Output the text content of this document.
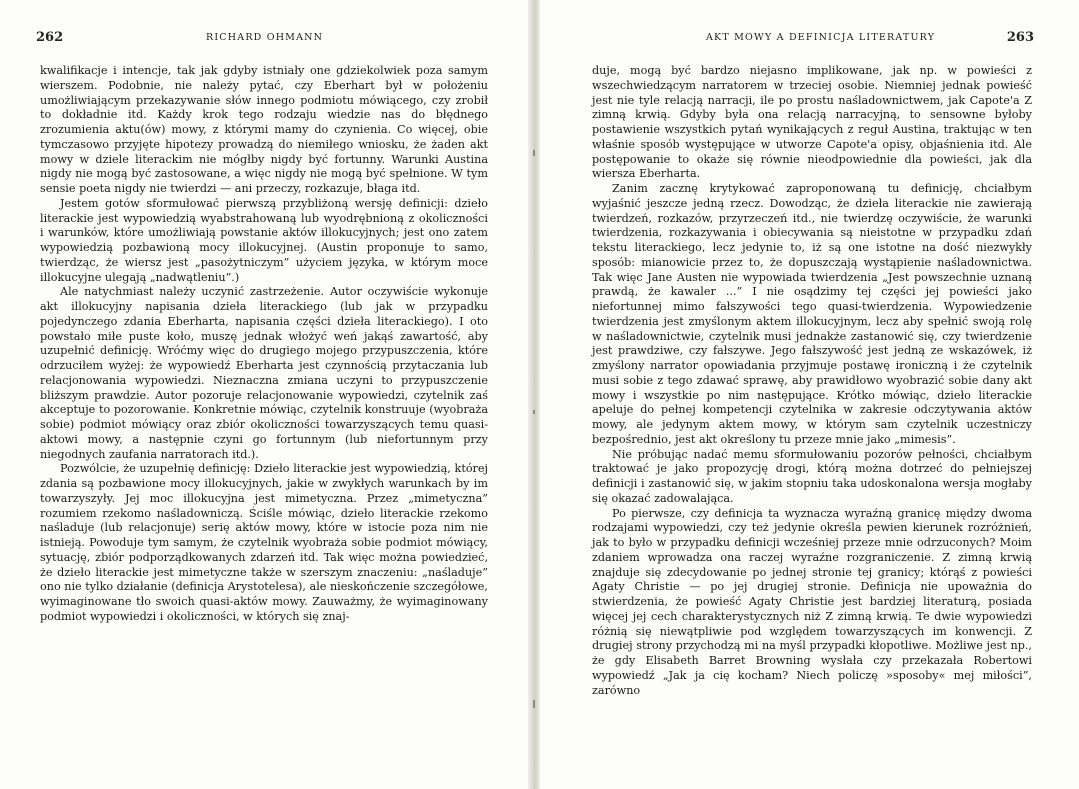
262	RICHARD OHMANN

kwalifikacje i intencje, tak jak gdyby istniały one gdziekolwiek poza samym wierszem. Podobnie, nie należy pytać, czy Eberhart był w położeniu umożliwiającym przekazywanie słów innego podmiotu mówiącego, czy zrobił to dokładnie itd. Każdy krok tego rodzaju wiedzie nas do błędnego zrozumienia aktu(ów) mowy, z którymi mamy do czynienia. Co więcej, obie tymczasowo przyjęte hipotezy prowadzą do niemiłego wniosku, że żaden akt mowy w dziele literackim nie mógłby nigdy być fortunny. Warunki Austina nigdy nie mogą być zastosowane, a więc nigdy nie mogą być spełnione. W tym sensie poeta nigdy nie twierdzi — ani przeczy, rozkazuje, błaga itd.

Jestem gotów sformułować pierwszą przybliżoną wersję definicji: dzieło literackie jest wypowiedzią wyabstrahowaną lub wyodrębnioną z okoliczności i warunków, które umożliwiają powstanie aktów illokucyjnych; jest ono zatem wypowiedzią pozbawioną mocy illokucyjnej. (Austin proponuje to samo, twierdząc, że wiersz jest „pasożytniczym” użyciem języka, w którym moce illokucyjne ulegają „nadwątleniu”.)

Ale natychmiast należy uczynić zastrzeżenie. Autor oczywiście wykonuje akt illokucyjny napisania dzieła literackiego (lub jak w przypadku pojedynczego zdania Eberharta, napisania części dzieła literackiego). I oto powstało miłe puste koło, muszę jednak włożyć weń jakąś zawartość, aby uzupełnić definicję. Wróćmy więc do drugiego mojego przypuszczenia, które odrzuciłem wyżej: że wypowiedź Eberharta jest czynnością przytaczania lub relacjonowania wypowiedzi. Nieznaczna zmiana uczyni to przypuszczenie bliższym prawdzie. Autor pozoruje relacjonowanie wypowiedzi, czytelnik zaś akceptuje to pozorowanie. Konkretnie mówiąc, czytelnik konstruuje (wyobraża sobie) podmiot mówiący oraz zbiór okoliczności towarzyszących temu quasi-aktowi mowy, a następnie czyni go fortunnym (lub niefortunnym przy niegodnych zaufania narratorach itd.).

Pozwólcie, że uzupełnię definicję: Dzieło literackie jest wypowiedzią, której zdania są pozbawione mocy illokucyjnych, jakie w zwykłych warunkach by im towarzyszyły. Jej moc illokucyjna jest mimetyczna. Przez „mimetyczna” rozumiem rzekomo naśladowniczą. Ściśle mówiąc, dzieło literackie rzekomo naśladuje (lub relacjonuje) serię aktów mowy, które w istocie poza nim nie istnieją. Powoduje tym samym, że czytelnik wyobraża sobie podmiot mówiący, sytuację, zbiór podporządkowanych zdarzeń itd. Tak więc można powiedzieć, że dzieło literackie jest mimetyczne także w szerszym znaczeniu: „naśladuje” ono nie tylko działanie (definicja Arystotelesa), ale nieskończenie szczegółowe, wyimaginowane tło swoich quasi-aktów mowy. Zauważmy, że wyimaginowany podmiot wypowiedzi i okoliczności, w których się znaj-

AKT MOWY A DEFINICJA LITERATURY	263

duje, mogą być bardzo niejasno implikowane, jak np. w powieści z wszechwiedzącym narratorem w trzeciej osobie. Niemniej jednak powieść jest nie tyle relacją narracji, ile po prostu naśladownictwem, jak Capote'a Z zimną krwią. Gdyby była ona relacją narracyjną, to sensowne byłoby postawienie wszystkich pytań wynikających z reguł Austina, traktując w ten właśnie sposób występujące w utworze Capote'a opisy, objaśnienia itd. Ale postępowanie to okaże się równie nieodpowiednie dla powieści, jak dla wiersza Eberharta.

Zanim zacznę krytykować zaproponowaną tu definicję, chciałbym wyjaśnić jeszcze jedną rzecz. Dowodząc, że dzieła literackie nie zawierają twierdzeń, rozkazów, przyrzeczeń itd., nie twierdzę oczywiście, że warunki twierdzenia, rozkazywania i obiecywania są nieistotne w przypadku zdań tekstu literackiego, lecz jedynie to, iż są one istotne na dość niezwykły sposób: mianowicie przez to, że dopuszczają wystąpienie naśladownictwa. Tak więc Jane Austen nie wypowiada twierdzenia „Jest powszechnie uznaną prawdą, że kawaler ...” I nie osądzimy tej części jej powieści jako niefortunnej mimo fałszywości tego quasi-twierdzenia. Wypowiedzenie twierdzenia jest zmyślonym aktem illokucyjnym, lecz aby spełnić swoją rolę w naśladownictwie, czytelnik musi jednakże zastanowić się, czy twierdzenie jest prawdziwe, czy fałszywe. Jego fałszywość jest jedną ze wskazówek, iż zmyślony narrator opowiadania przyjmuje postawę ironiczną i że czytelnik musi sobie z tego zdawać sprawę, aby prawidłowo wyobrazić sobie dany akt mowy i wszystkie po nim następujące. Krótko mówiąc, dzieło literackie apeluje do pełnej kompetencji czytelnika w zakresie odczytywania aktów mowy, ale jedynym aktem mowy, w którym sam czytelnik uczestniczy bezpośrednio, jest akt określony tu przeze mnie jako „mimesis”.

Nie próbując nadać memu sformułowaniu pozorów pełności, chciałbym traktować je jako propozycję drogi, którą można dotrzeć do pełniejszej definicji i zastanowić się, w jakim stopniu taka udoskonalona wersja mogłaby się okazać zadowalająca.

Po pierwsze, czy definicja ta wyznacza wyraźną granicę między dwoma rodzajami wypowiedzi, czy też jedynie określa pewien kierunek rozróżnień, jak to było w przypadku definicji wcześniej przeze mnie odrzuconych? Moim zdaniem wprowadza ona raczej wyraźne rozgraniczenie. Z zimną krwią znajduje się zdecydowanie po jednej stronie tej granicy; którąś z powieści Agaty Christie — po jej drugiej stronie. Definicja nie upoważnia do stwierdzenia, że powieść Agaty Christie jest bardziej literaturą, posiada więcej jej cech charakterystycznych niż Z zimną krwią. Te dwie wypowiedzi różnią się niewątpliwie pod względem towarzyszących im konwencji. Z drugiej strony przychodzą mi na myśl przypadki kłopotliwe. Możliwe jest np., że gdy Elisabeth Barret Browning wysłała czy przekazała Robertowi wypowiedź „Jak ja cię kocham? Niech policzę »sposoby« mej miłości”, zarówno
